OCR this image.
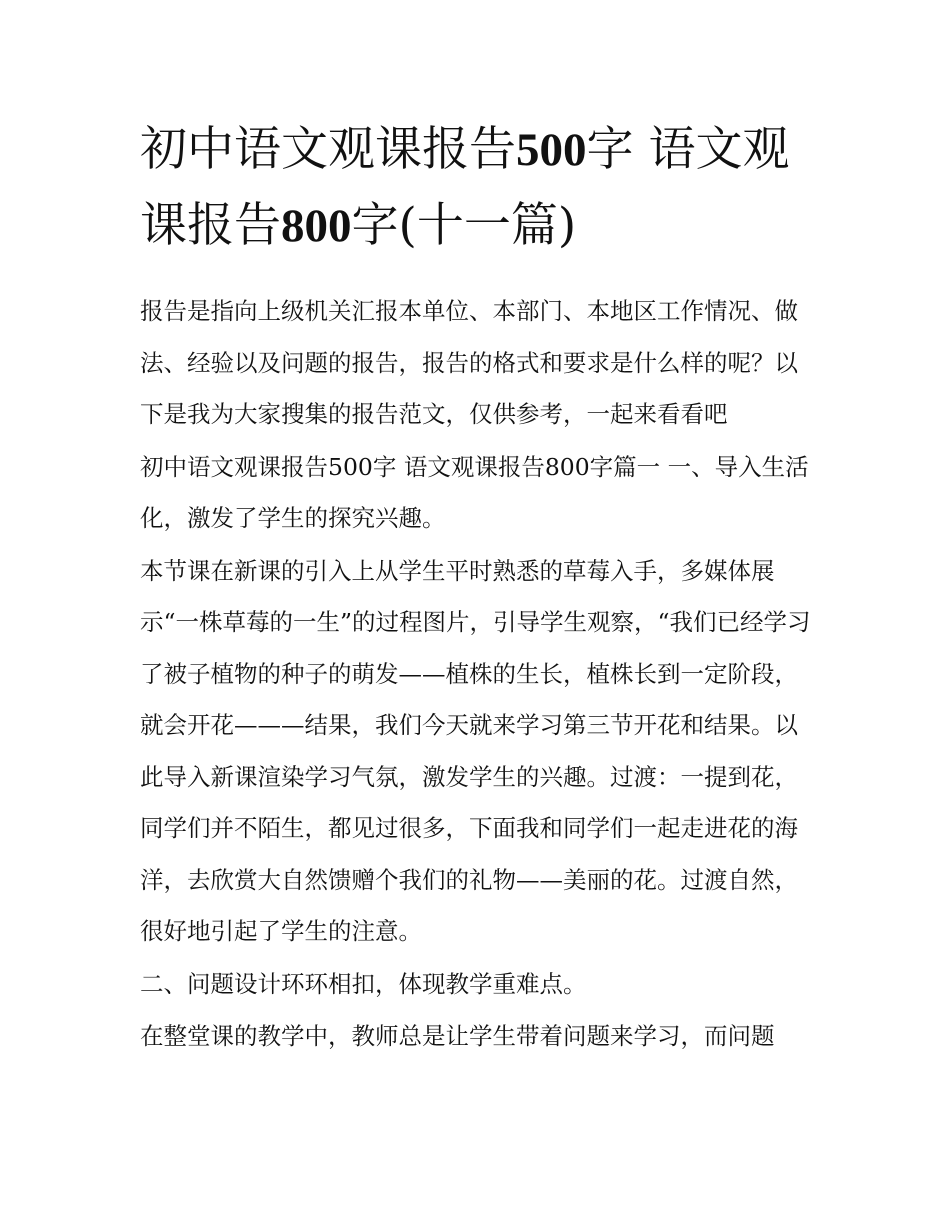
初中语文观课报告500字 语文观课报告800字(十一篇)

报告是指向上级机关汇报本单位、本部门、本地区工作情况、做法、经验以及问题的报告，报告的格式和要求是什么样的呢？以下是我为大家搜集的报告范文，仅供参考，一起来看看吧

初中语文观课报告500字 语文观课报告800字篇一 一、导入生活化，激发了学生的探究兴趣。

本节课在新课的引入上从学生平时熟悉的草莓入手，多媒体展示“一株草莓的一生”的过程图片，引导学生观察，“我们已经学习了被子植物的种子的萌发——植株的生长，植株长到一定阶段，就会开花———结果，我们今天就来学习第三节开花和结果。以此导入新课渲染学习气氛，激发学生的兴趣。过渡：一提到花，同学们并不陌生，都见过很多，下面我和同学们一起走进花的海洋，去欣赏大自然馈赠个我们的礼物——美丽的花。过渡自然，很好地引起了学生的注意。

二、问题设计环环相扣，体现教学重难点。

在整堂课的教学中，教师总是让学生带着问题来学习，而问题
